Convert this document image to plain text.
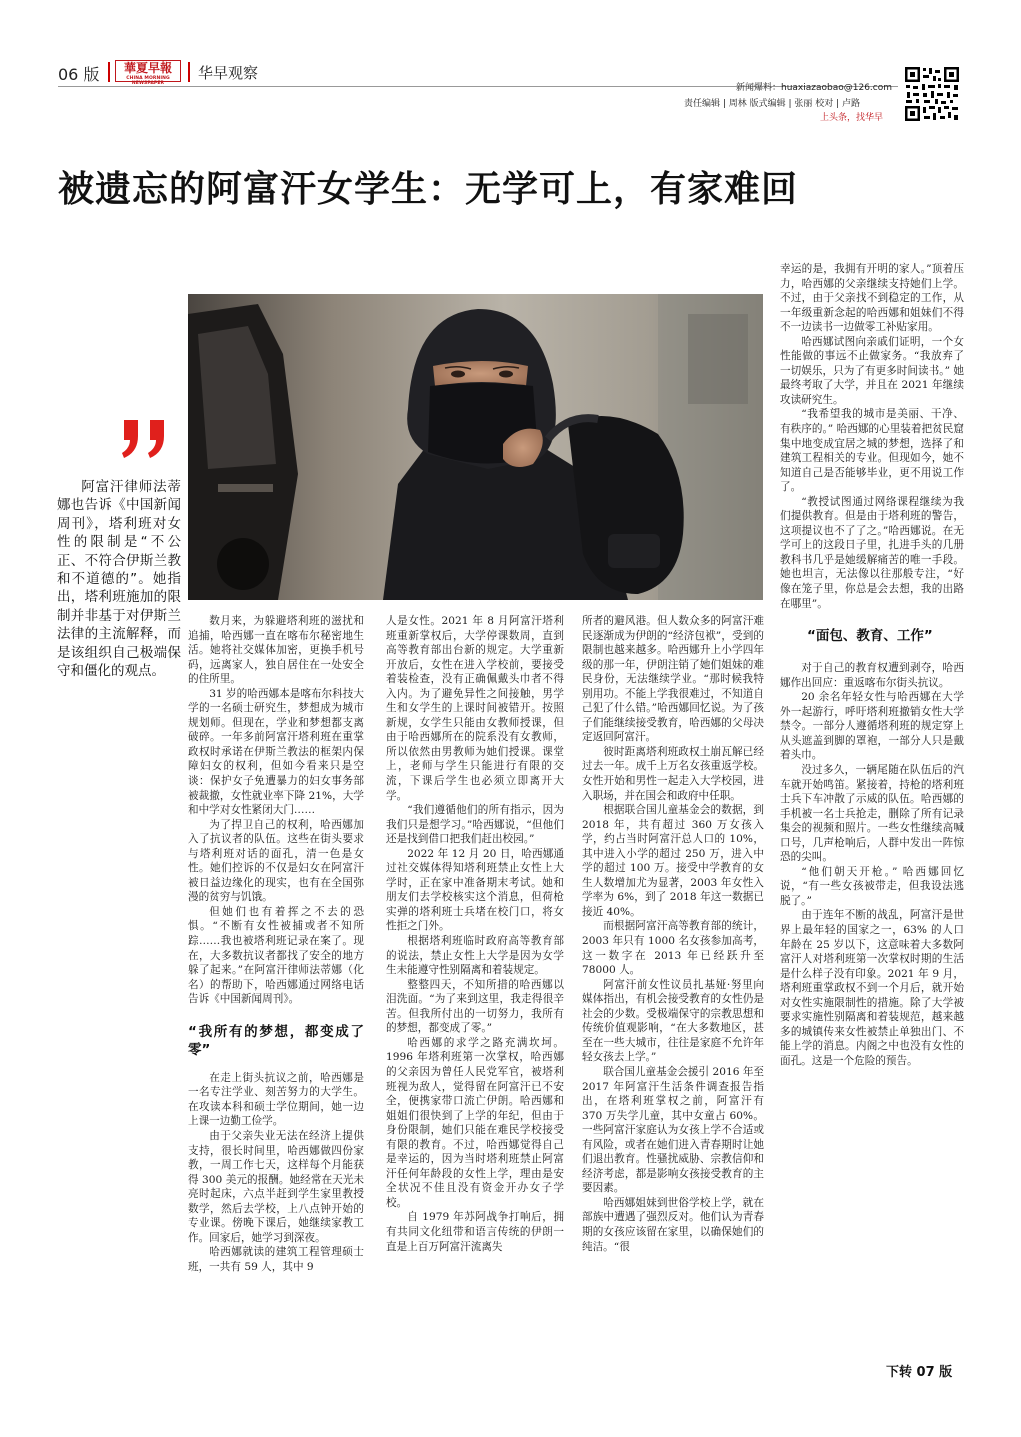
06 版	華夏早報
CHINA MORNING NEWSPAPER
华早观察
新闻爆料：huaxiazaobao@126.com
责任编辑 | 周林 版式编辑 | 张丽 校对 | 卢路
上头条，找华早
被遗忘的阿富汗女学生：无学可上，有家难回

阿富汗律师法蒂娜也告诉《中国新闻周刊》，塔利班对女性的限制是“不公正、不符合伊斯兰教和不道德的”。她指出，塔利班施加的限制并非基于对伊斯兰法律的主流解释，而是该组织自己极端保守和僵化的观点。

数月来，为躲避塔利班的滋扰和追捕，哈西娜一直在喀布尔秘密地生活。她将社交媒体加密，更换手机号码，远离家人，独自居住在一处安全的住所里。

31 岁的哈西娜本是喀布尔科技大学的一名硕士研究生，梦想成为城市规划师。但现在，学业和梦想都支离破碎。一年多前阿富汗塔利班在重掌政权时承诺在伊斯兰教法的框架内保障妇女的权利，但如今看来只是空谈：保护女子免遭暴力的妇女事务部被裁撤，女性就业率下降 21%，大学和中学对女性紧闭大门……

为了捍卫自己的权利，哈西娜加入了抗议者的队伍。这些在街头要求与塔利班对话的面孔，清一色是女性。她们控诉的不仅是妇女在阿富汗被日益边缘化的现实，也有在全国弥漫的贫穷与饥饿。

但她们也有着挥之不去的恐惧。“不断有女性被捕或者不知所踪……我也被塔利班记录在案了。现在，大多数抗议者都找了安全的地方躲了起来。”在阿富汗律师法蒂娜（化名）的帮助下，哈西娜通过网络电话告诉《中国新闻周刊》。

“我所有的梦想，都变成了零”

在走上街头抗议之前，哈西娜是一名专注学业、刻苦努力的大学生。在攻读本科和硕士学位期间，她一边上课一边勤工俭学。

由于父亲失业无法在经济上提供支持，很长时间里，哈西娜做四份家教，一周工作七天，这样每个月能获得 300 美元的报酬。她经常在天光未亮时起床，六点半赶到学生家里教授数学，然后去学校，上八点钟开始的专业课。傍晚下课后，她继续家教工作。回家后，她学习到深夜。

哈西娜就读的建筑工程管理硕士班，一共有 59 人，其中 9

人是女性。2021 年 8 月阿富汗塔利班重新掌权后，大学停课数周，直到高等教育部出台新的规定。大学重新开放后，女性在进入学校前，要接受着装检查，没有正确佩戴头巾者不得入内。为了避免异性之间接触，男学生和女学生的上课时间被错开。按照新规，女学生只能由女教师授课，但由于哈西娜所在的院系没有女教师，所以依然由男教师为她们授课。课堂上，老师与学生只能进行有限的交流，下课后学生也必须立即离开大学。

“我们遵循他们的所有指示，因为我们只是想学习。”哈西娜说，“但他们还是找到借口把我们赶出校园。”

2022 年 12 月 20 日，哈西娜通过社交媒体得知塔利班禁止女性上大学时，正在家中准备期末考试。她和朋友们去学校核实这个消息，但荷枪实弹的塔利班士兵堵在校门口，将女性拒之门外。

根据塔利班临时政府高等教育部的说法，禁止女性上大学是因为女学生未能遵守性别隔离和着装规定。

整整四天，不知所措的哈西娜以泪洗面。“为了来到这里，我走得很辛苦。但我所付出的一切努力，我所有的梦想，都变成了零。”

哈西娜的求学之路充满坎坷。1996 年塔利班第一次掌权，哈西娜的父亲因为曾任人民党军官，被塔利班视为敌人，觉得留在阿富汗已不安全，便携家带口流亡伊朗。哈西娜和姐姐们很快到了上学的年纪，但由于身份限制，她们只能在难民学校接受有限的教育。不过，哈西娜觉得自己是幸运的，因为当时塔利班禁止阿富汗任何年龄段的女性上学，理由是安全状况不佳且没有资金开办女子学校。

自 1979 年苏阿战争打响后，拥有共同文化纽带和语言传统的伊朗一直是上百万阿富汗流离失

所者的避风港。但人数众多的阿富汗难民逐渐成为伊朗的“经济包袱”，受到的限制也越来越多。哈西娜升上小学四年级的那一年，伊朗注销了她们姐妹的难民身份，无法继续学业。“那时候我特别用功。不能上学我很难过，不知道自己犯了什么错。”哈西娜回忆说。为了孩子们能继续接受教育，哈西娜的父母决定返回阿富汗。

彼时距离塔利班政权土崩瓦解已经过去一年。成千上万名女孩重返学校。女性开始和男性一起走入大学校园，进入职场，并在国会和政府中任职。

根据联合国儿童基金会的数据，到 2018 年，共有超过 360 万女孩入学，约占当时阿富汗总人口的 10%，其中进入小学的超过 250 万，进入中学的超过 100 万。接受中学教育的女生人数增加尤为显著，2003 年女性入学率为 6%，到了 2018 年这一数据已接近 40%。

而根据阿富汗高等教育部的统计，2003 年只有 1000 名女孩参加高考，这一数字在 2013 年已经跃升至 78000 人。

阿富汗前女性议员扎基娅·努里向媒体指出，有机会接受教育的女性仍是社会的少数。受极端保守的宗教思想和传统价值观影响，“在大多数地区，甚至在一些大城市，往往是家庭不允许年轻女孩去上学。”

联合国儿童基金会援引 2016 年至 2017 年阿富汗生活条件调查报告指出，在塔利班掌权之前，阿富汗有 370 万失学儿童，其中女童占 60%。一些阿富汗家庭认为女孩上学不合适或有风险，或者在她们进入青春期时让她们退出教育。性骚扰威胁、宗教信仰和经济考虑，都是影响女孩接受教育的主要因素。

哈西娜姐妹到世俗学校上学，就在部族中遭遇了强烈反对。他们认为青春期的女孩应该留在家里，以确保她们的纯洁。“很

幸运的是，我拥有开明的家人。”顶着压力，哈西娜的父亲继续支持她们上学。不过，由于父亲找不到稳定的工作，从一年级重新念起的哈西娜和姐妹们不得不一边读书一边做零工补贴家用。

哈西娜试图向亲戚们证明，一个女性能做的事远不止做家务。“我放弃了一切娱乐，只为了有更多时间读书。” 她最终考取了大学，并且在 2021 年继续攻读研究生。

“我希望我的城市是美丽、干净、有秩序的。” 哈西娜的心里装着把贫民窟集中地变成宜居之城的梦想，选择了和建筑工程相关的专业。但现如今，她不知道自己是否能够毕业，更不用说工作了。

“教授试图通过网络课程继续为我们提供教育。但是由于塔利班的警告，这项提议也不了了之。”哈西娜说。在无学可上的这段日子里，扎进手头的几册教科书几乎是她缓解痛苦的唯一手段。她也坦言，无法像以往那般专注，“好像在笼子里，你总是会去想，我的出路在哪里”。

“面包、教育、工作”

对于自己的教育权遭到剥夺，哈西娜作出回应：重返喀布尔街头抗议。

20 余名年轻女性与哈西娜在大学外一起游行，呼吁塔利班撤销女性大学禁令。一部分人遵循塔利班的规定穿上从头遮盖到脚的罩袍，一部分人只是戴着头巾。

没过多久，一辆尾随在队伍后的汽车就开始鸣笛。紧接着，持枪的塔利班士兵下车冲散了示威的队伍。哈西娜的手机被一名士兵抢走，删除了所有记录集会的视频和照片。一些女性继续高喊口号，几声枪响后，人群中发出一阵惊恐的尖叫。

“他们朝天开枪。” 哈西娜回忆说，“有一些女孩被带走，但我设法逃脱了。”

由于连年不断的战乱，阿富汗是世界上最年轻的国家之一，63% 的人口年龄在 25 岁以下，这意味着大多数阿富汗人对塔利班第一次掌权时期的生活是什么样子没有印象。2021 年 9 月，塔利班重掌政权不到一个月后，就开始对女性实施限制性的措施。除了大学被要求实施性别隔离和着装规范，越来越多的城镇传来女性被禁止单独出门、不能上学的消息。内阁之中也没有女性的面孔。这是一个危险的预告。

下转 07 版
